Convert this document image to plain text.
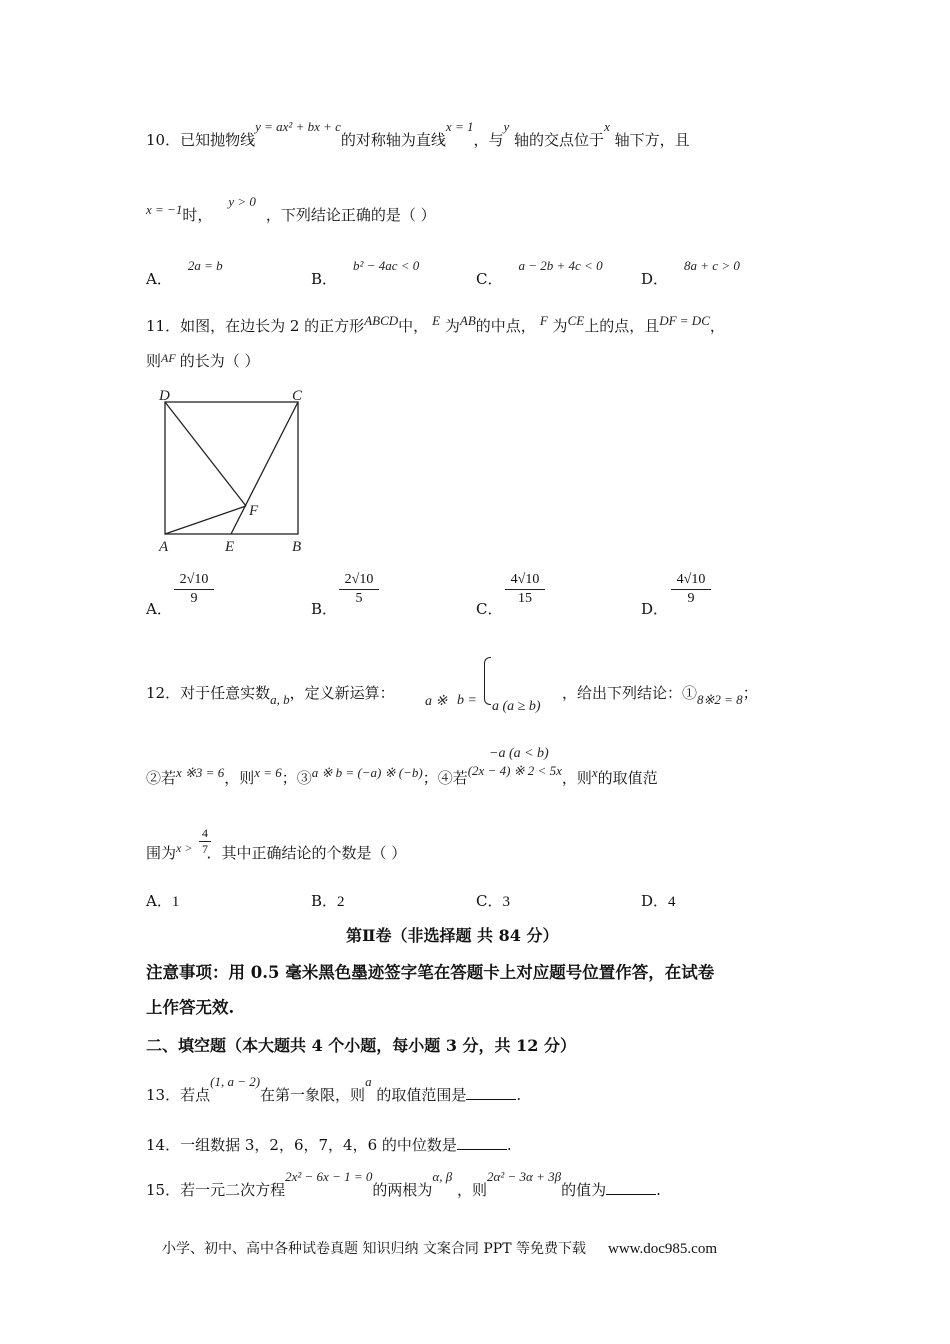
10．已知抛物线y = ax² + bx + c的对称轴为直线x = 1，与y 轴的交点位于x 轴下方，且
x = −1时，y > 0，下列结论正确的是（ ）
A．2a = b
B．b² − 4ac < 0
C．a − 2b + 4c < 0
D．8a + c > 0
11．如图，在边长为 2 的正方形ABCD中， E 为AB的中点， F 为CE上的点，且DF = DC，
则$^{AF}$ 的长为（ ）
D	C
F
A	E	B
A．
2√10
9
B．
2√10
5
C．
4√10
15
D．
4√10
9
12．对于任意实数a, b，定义新运算： a ※ b =	a (a ≥ b)
−a (a < b)
，给出下列结论：①8※2 = 8；
②若x ※3 = 6，则x = 6；③a ※ b = (−a) ※ (−b)；④若(2x − 4) ※ 2 < 5x，则x的取值范
围为$^{x >}$ ．其中正确结论的个数是（ ）
4
7
A．1	B．2	C．3	D．4
第Ⅱ卷（非选择题 共 84 分）
注意事项：用 0.5 毫米黑色墨迹签字笔在答题卡上对应题号位置作答，在试卷
上作答无效.
二、填空题（本大题共 4 个小题，每小题 3 分，共 12 分）
13．若点(1, a − 2)在第一象限，则a 的取值范围是	.
14．一组数据 3，2，6，7，4，6 的中位数是	.
15．若一元二次方程2x² − 6x − 1 = 0的两根为α, β ，则2α² − 3α + 3β的值为	.
小学、初中、高中各种试卷真题 知识归纳 文案合同 PPT 等免费下载 www.doc985.com
